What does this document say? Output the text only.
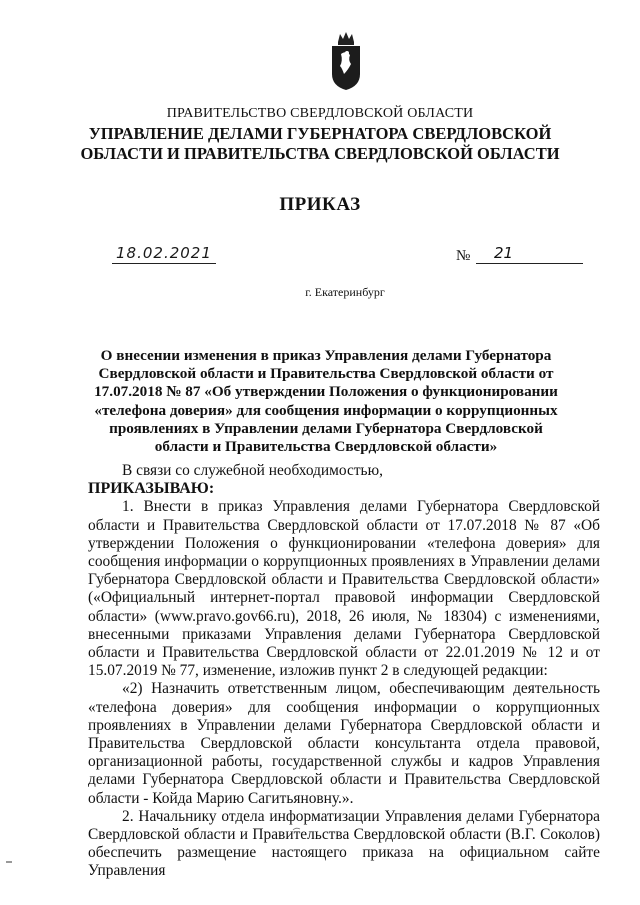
ПРАВИТЕЛЬСТВО СВЕРДЛОВСКОЙ ОБЛАСТИ
УПРАВЛЕНИЕ ДЕЛАМИ ГУБЕРНАТОРА СВЕРДЛОВСКОЙ
ОБЛАСТИ И ПРАВИТЕЛЬСТВА СВЕРДЛОВСКОЙ ОБЛАСТИ
ПРИКАЗ
18.02.2021	№	21
г. Екатеринбург
О внесении изменения в приказ Управления делами Губернатора Свердловской области и Правительства Свердловской области от 17.07.2018 № 87 «Об утверждении Положения о функционировании «телефона доверия» для сообщения информации о коррупционных проявлениях в Управлении делами Губернатора Свердловской области и Правительства Свердловской области»

В связи со служебной необходимостью,

ПРИКАЗЫВАЮ:

1. Внести в приказ Управления делами Губернатора Свердловской области и Правительства Свердловской области от 17.07.2018 № 87 «Об утверждении Положения о функционировании «телефона доверия» для сообщения информации о коррупционных проявлениях в Управлении делами Губернатора Свердловской области и Правительства Свердловской области» («Официальный интернет-портал правовой информации Свердловской области» (www.pravo.gov66.ru), 2018, 26 июля, № 18304) с изменениями, внесенными приказами Управления делами Губернатора Свердловской области и Правительства Свердловской области от 22.01.2019 № 12 и от 15.07.2019 № 77, изменение, изложив пункт 2 в следующей редакции:

«2) Назначить ответственным лицом, обеспечивающим деятельность «телефона доверия» для сообщения информации о коррупционных проявлениях в Управлении делами Губернатора Свердловской области и Правительства Свердловской области консультанта отдела правовой, организационной работы, государственной службы и кадров Управления делами Губернатора Свердловской области и Правительства Свердловской области - Койда Марию Сагитьяновну.».

2. Начальнику отдела информатизации Управления делами Губернатора Свердловской области и Правительства Свердловской области (В.Г. Соколов) обеспечить размещение настоящего приказа на официальном сайте Управления
